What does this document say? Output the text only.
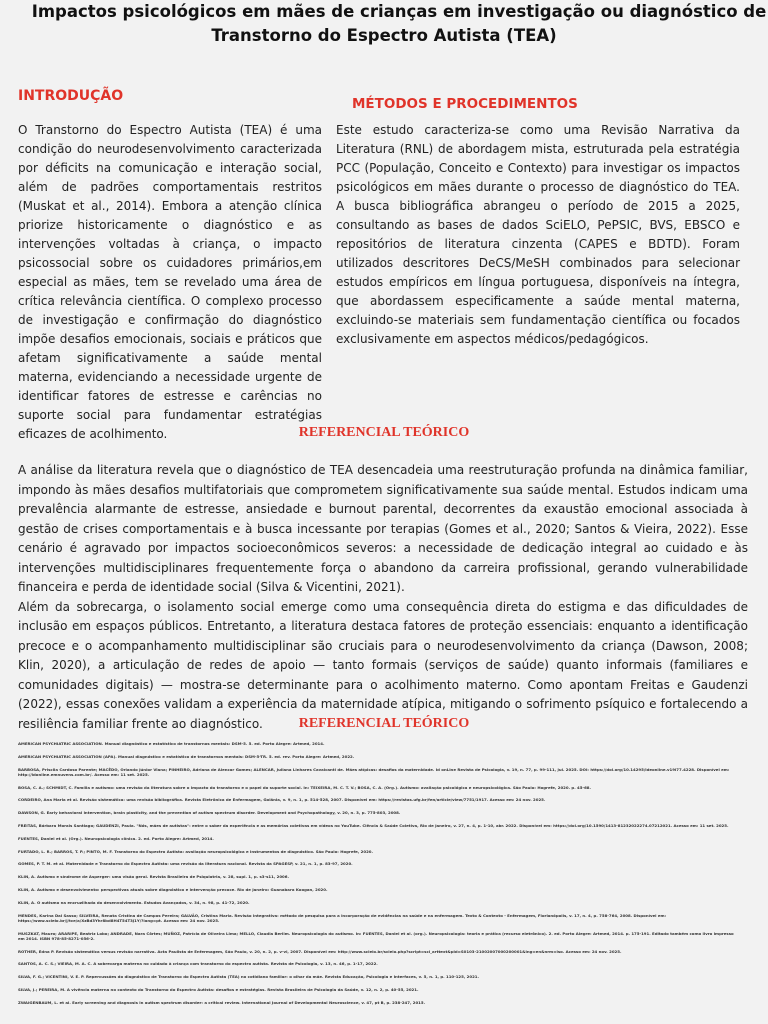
Impactos psicológicos em mães de crianças em investigação ou diagnóstico de
Transtorno do Espectro Autista (TEA)
INTRODUÇÃO	MÉTODOS E PROCEDIMENTOS
O Transtorno do Espectro Autista (TEA) é uma condição do neurodesenvolvimento caracterizada por déficits na comunicação e interação social, além de padrões comportamentais restritos (Muskat et al., 2014). Embora a atenção clínica priorize historicamente o diagnóstico e as intervenções voltadas à criança, o impacto psicossocial sobre os cuidadores primários,em especial as mães, tem se revelado uma área de crítica relevância científica. O complexo processo de investigação e confirmação do diagnóstico impõe desafios emocionais, sociais e práticos que afetam significativamente a saúde mental materna, evidenciando a necessidade urgente de identificar fatores de estresse e carências no suporte social para fundamentar estratégias eficazes de acolhimento.
Este estudo caracteriza-se como uma Revisão Narrativa da Literatura (RNL) de abordagem mista, estruturada pela estratégia PCC (População, Conceito e Contexto) para investigar os impactos psicológicos em mães durante o processo de diagnóstico do TEA. A busca bibliográfica abrangeu o período de 2015 a 2025, consultando as bases de dados SciELO, PePSIC, BVS, EBSCO e repositórios de literatura cinzenta (CAPES e BDTD). Foram utilizados descritores DeCS/MeSH combinados para selecionar estudos empíricos em língua portuguesa, disponíveis na íntegra, que abordassem especificamente a saúde mental materna, excluindo-se materiais sem fundamentação científica ou focados exclusivamente em aspectos médicos/pedagógicos.
REFERENCIAL TEÓRICO

A análise da literatura revela que o diagnóstico de TEA desencadeia uma reestruturação profunda na dinâmica familiar, impondo às mães desafios multifatoriais que comprometem significativamente sua saúde mental. Estudos indicam uma prevalência alarmante de estresse, ansiedade e burnout parental, decorrentes da exaustão emocional associada à gestão de crises comportamentais e à busca incessante por terapias (Gomes et al., 2020; Santos & Vieira, 2022). Esse cenário é agravado por impactos socioeconômicos severos: a necessidade de dedicação integral ao cuidado e às intervenções multidisciplinares frequentemente força o abandono da carreira profissional, gerando vulnerabilidade financeira e perda de identidade social (Silva & Vicentini, 2021).

Além da sobrecarga, o isolamento social emerge como uma consequência direta do estigma e das dificuldades de inclusão em espaços públicos. Entretanto, a literatura destaca fatores de proteção essenciais: enquanto a identificação precoce e o acompanhamento multidisciplinar são cruciais para o neurodesenvolvimento da criança (Dawson, 2008; Klin, 2020), a articulação de redes de apoio — tanto formais (serviços de saúde) quanto informais (familiares e comunidades digitais) — mostra-se determinante para o acolhimento materno. Como apontam Freitas e Gaudenzi (2022), essas conexões validam a experiência da maternidade atípica, mitigando o sofrimento psíquico e fortalecendo a resiliência familiar frente ao diagnóstico.	REFERENCIAL TEÓRICO
AMERICAN PSYCHIATRIC ASSOCIATION. Manual diagnóstico e estatístico de transtornos mentais: DSM-5. 5. ed. Porto Alegre: Artmed, 2014.
AMERICAN PSYCHIATRIC ASSOCIATION (APA). Manual diagnóstico e estatístico de transtornos mentais: DSM-5-TR. 5. ed. rev. Porto Alegre: Artmed, 2022.
BARBOSA, Priscila Cardoso Parente; MACÊDO, Orlando Júnior Viana; PINHEIRO, Adriana de Alencar Gomes; ALENCAR, Juliana Linhares Cavalcanti de. Mães atípicas: desafios da maternidade. Id onLine Revista de Psicologia, v. 19, n. 77, p. 99-111, jul. 2025. DOI: https://doi.org/10.14295/ideonline.v19i77.4228. Disponível em: http://idonline.emnuvens.com.br/. Acesso em: 11 set. 2025.
BOSA, C. A.; SCHMIDT, C. Família e autismo: uma revisão da literatura sobre o impacto do transtorno e o papel do suporte social. In: TEIXEIRA, M. C. T. V.; BOSA, C. A. (Org.). Autismo: avaliação psicológica e neuropsicológica. São Paulo: Hogrefe, 2020. p. 45-68.
CORDEIRO, Ana Maria et al. Revisão sistemática: uma revisão bibliográfica. Revista Eletrônica de Enfermagem, Goiânia, v. 9, n. 1, p. 514-528, 2007. Disponível em: https://revistas.ufg.br/fen/article/view/7751/1917. Acesso em: 24 nov. 2025.
DAWSON, G. Early behavioral intervention, brain plasticity, and the prevention of autism spectrum disorder. Development and Psychopathology, v. 20, n. 3, p. 775-803, 2008.
FREITAS, Bárbara Morais Santiago; GAUDENZI, Paula. "Nós, mães de autistas": entre o saber da experiência e as memórias coletivas em vídeos no YouTube. Ciência & Saúde Coletiva, Rio de Janeiro, v. 27, n. 4, p. 1-10, abr. 2022. Disponível em: https://doi.org/10.1590/1413-81232022274.07212021. Acesso em: 11 set. 2025.
FUENTES, Daniel et al. (Org.). Neuropsicologia clínica. 2. ed. Porto Alegre: Artmed, 2014.
FURTADO, L. R.; BARROS, T. P.; PINTO, M. F. Transtorno do Espectro Autista: avaliação neuropsicológica e instrumentos de diagnóstico. São Paulo: Hogrefe, 2020.
GOMES, P. T. M. et al. Maternidade e Transtorno do Espectro Autista: uma revisão da literatura nacional. Revista da SPAGESP, v. 21, n. 1, p. 83-97, 2020.
KLIN, A. Autismo e síndrome de Asperger: uma visão geral. Revista Brasileira de Psiquiatria, v. 28, supl. 1, p. s3-s11, 2006.
KLIN, A. Autismo e desenvolvimento: perspectivas atuais sobre diagnóstico e intervenção precoce. Rio de Janeiro: Guanabara Koogan, 2020.
KLIN, A. O autismo na encruzilhada do desenvolvimento. Estudos Avançados, v. 34, n. 98, p. 41-72, 2020.
MENDES, Karina Dal Sasso; SILVEIRA, Renata Cristina de Campos Pereira; GALVÃO, Cristina Maria. Revisão integrativa: método de pesquisa para a incorporação de evidências na saúde e na enfermagem. Texto & Contexto - Enfermagem, Florianópolis, v. 17, n. 4, p. 758-764, 2008. Disponível em: https://www.scielo.br/j/tce/a/XzBd3Yhr8bd8H4T54T3j1Y/?lang=pt. Acesso em: 24 nov. 2025.
MUSZKAT, Mauro; ARARIPE, Beatriz Lobo; ANDRADE, Nara Côrtes; MUÑOZ, Patrícia de Oliveira Lima; MELLO, Claudia Berlim. Neuropsicologia do autismo. In: FUENTES, Daniel et al. (org.). Neuropsicologia: teoria e prática (recurso eletrônico). 2. ed. Porto Alegre: Artmed, 2014. p. 175-191. Editado também como livro impresso em 2014. ISBN 978-85-8271-056-2.
ROTHER, Edna P. Revisão sistemática versus revisão narrativa. Acta Paulista de Enfermagem, São Paulo, v. 20, n. 2, p. v-vi, 2007. Disponível em: http://www.scielo.br/scielo.php?script=sci_arttext&pid=S0103-21002007000200001&lng=en&nrm=iso. Acesso em: 24 nov. 2025.
SANTOS, A. C. S.; VIEIRA, M. A. C. A sobrecarga materna no cuidado à criança com transtorno do espectro autista. Revista de Psicologia, v. 13, n. 46, p. 1-17, 2022.
SILVA, F. G.; VICENTINI, V. E. P. Repercussões do diagnóstico de Transtorno do Espectro Autista (TEA) no cotidiano familiar: o olhar da mãe. Revista Educação, Psicologia e Interfaces, v. 5, n. 1, p. 110-125, 2021.
SILVA, J.; PEREIRA, M. A vivência materna no contexto do Transtorno do Espectro Autista: desafios e estratégias. Revista Brasileira de Psicologia da Saúde, v. 12, n. 2, p. 40-55, 2021.
ZWAIGENBAUM, L. et al. Early screening and diagnosis in autism spectrum disorder: a critical review. International Journal of Developmental Neuroscience, v. 47, pt B, p. 238-247, 2015.
